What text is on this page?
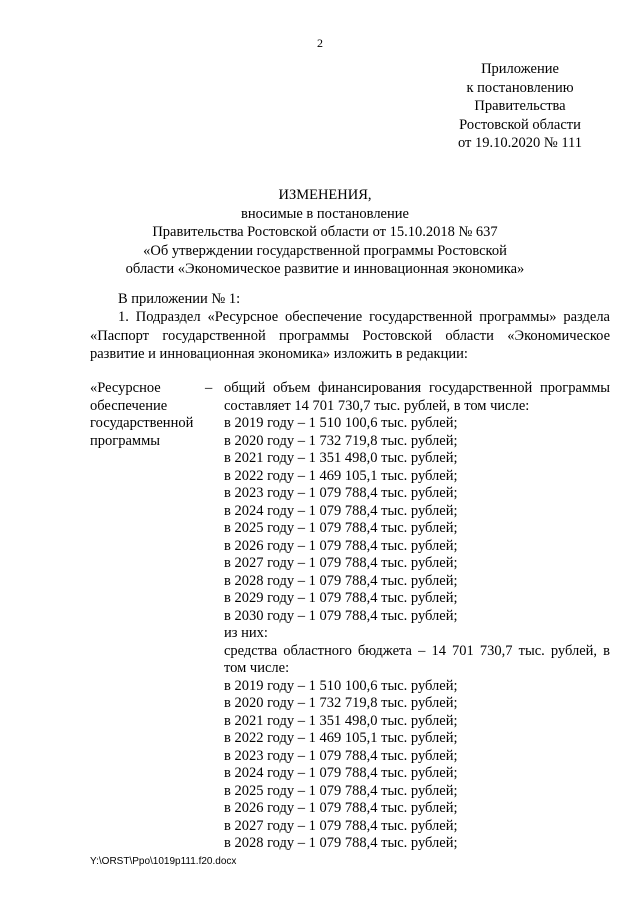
2
Приложение
к постановлению
Правительства
Ростовской области
от 19.10.2020 № 111
ИЗМЕНЕНИЯ,
вносимые в постановление
Правительства Ростовской области от 15.10.2018 № 637
«Об утверждении государственной программы Ростовской
области «Экономическое развитие и инновационная экономика»
В приложении № 1:
1. Подраздел «Ресурсное обеспечение государственной программы» раздела «Паспорт государственной программы Ростовской области «Экономическое развитие и инновационная экономика» изложить в редакции:
«Ресурсное
обеспечение
государственной
программы
– общий объем финансирования государственной программы составляет 14 701 730,7 тыс. рублей, в том числе:
в 2019 году – 1 510 100,6 тыс. рублей;
в 2020 году – 1 732 719,8 тыс. рублей;
в 2021 году – 1 351 498,0 тыс. рублей;
в 2022 году – 1 469 105,1 тыс. рублей;
в 2023 году – 1 079 788,4 тыс. рублей;
в 2024 году – 1 079 788,4 тыс. рублей;
в 2025 году – 1 079 788,4 тыс. рублей;
в 2026 году – 1 079 788,4 тыс. рублей;
в 2027 году – 1 079 788,4 тыс. рублей;
в 2028 году – 1 079 788,4 тыс. рублей;
в 2029 году – 1 079 788,4 тыс. рублей;
в 2030 году – 1 079 788,4 тыс. рублей;
из них:
средства областного бюджета – 14 701 730,7 тыс. рублей, в том числе:
в 2019 году – 1 510 100,6 тыс. рублей;
в 2020 году – 1 732 719,8 тыс. рублей;
в 2021 году – 1 351 498,0 тыс. рублей;
в 2022 году – 1 469 105,1 тыс. рублей;
в 2023 году – 1 079 788,4 тыс. рублей;
в 2024 году – 1 079 788,4 тыс. рублей;
в 2025 году – 1 079 788,4 тыс. рублей;
в 2026 году – 1 079 788,4 тыс. рублей;
в 2027 году – 1 079 788,4 тыс. рублей;
в 2028 году – 1 079 788,4 тыс. рублей;
Y:\ORST\Ppo\1019p111.f20.docx
